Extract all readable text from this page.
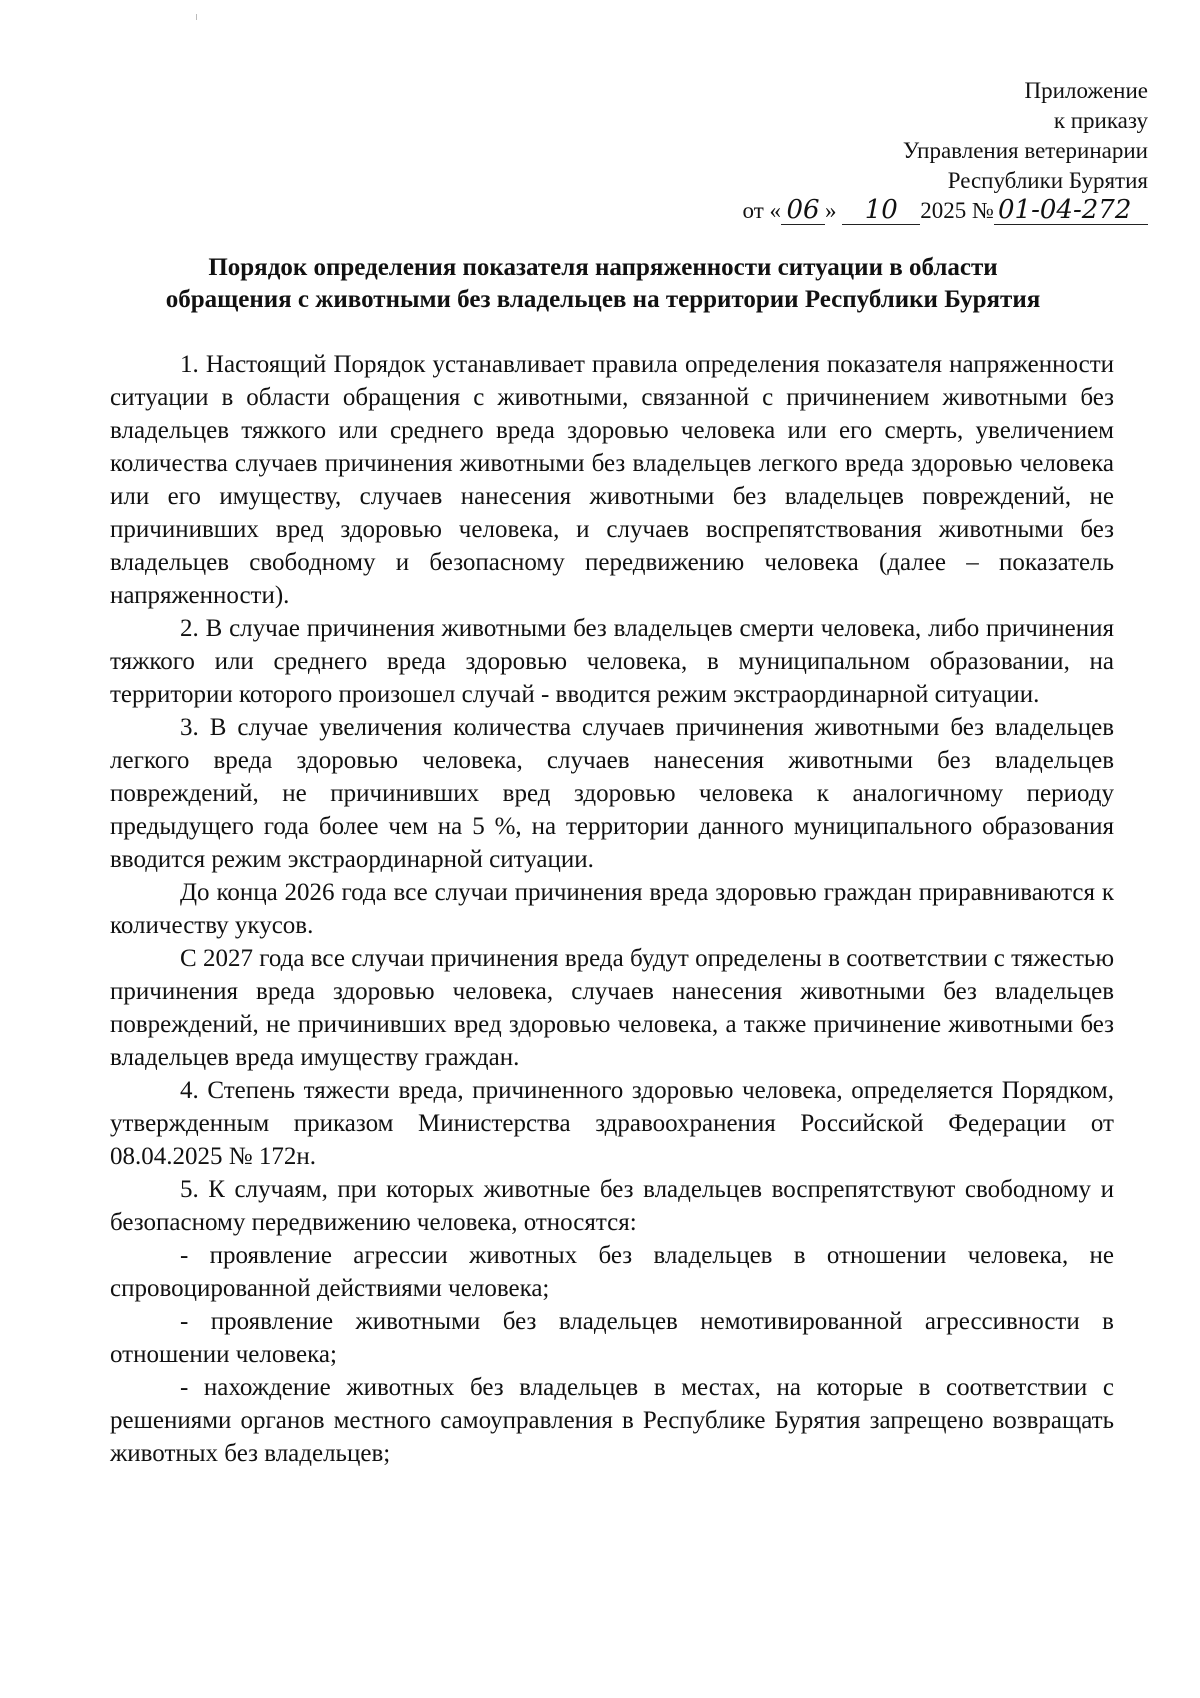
Приложение
к приказу
Управления ветеринарии
Республики Бурятия
от « 06 » 10 2025 № 01-04-272
Порядок определения показателя напряженности ситуации в области
обращения с животными без владельцев на территории Республики Бурятия

1. Настоящий Порядок устанавливает правила определения показателя напряженности ситуации в области обращения с животными, связанной с причинением животными без владельцев тяжкого или среднего вреда здоровью человека или его смерть, увеличением количества случаев причинения животными без владельцев легкого вреда здоровью человека или его имуществу, случаев нанесения животными без владельцев повреждений, не причинивших вред здоровью человека, и случаев воспрепятствования животными без владельцев свободному и безопасному передвижению человека (далее – показатель напряженности).

2. В случае причинения животными без владельцев смерти человека, либо причинения тяжкого или среднего вреда здоровью человека, в муниципальном образовании, на территории которого произошел случай - вводится режим экстраординарной ситуации.

3. В случае увеличения количества случаев причинения животными без владельцев легкого вреда здоровью человека, случаев нанесения животными без владельцев повреждений, не причинивших вред здоровью человека к аналогичному периоду предыдущего года более чем на 5 %, на территории данного муниципального образования вводится режим экстраординарной ситуации.

До конца 2026 года все случаи причинения вреда здоровью граждан приравниваются к количеству укусов.

С 2027 года все случаи причинения вреда будут определены в соответствии с тяжестью причинения вреда здоровью человека, случаев нанесения животными без владельцев повреждений, не причинивших вред здоровью человека, а также причинение животными без владельцев вреда имуществу граждан.

4. Степень тяжести вреда, причиненного здоровью человека, определяется Порядком, утвержденным приказом Министерства здравоохранения Российской Федерации от 08.04.2025 № 172н.

5. К случаям, при которых животные без владельцев воспрепятствуют свободному и безопасному передвижению человека, относятся:

- проявление агрессии животных без владельцев в отношении человека, не спровоцированной действиями человека;

- проявление животными без владельцев немотивированной агрессивности в отношении человека;

- нахождение животных без владельцев в местах, на которые в соответствии с решениями органов местного самоуправления в Республике Бурятия запрещено возвращать животных без владельцев;
